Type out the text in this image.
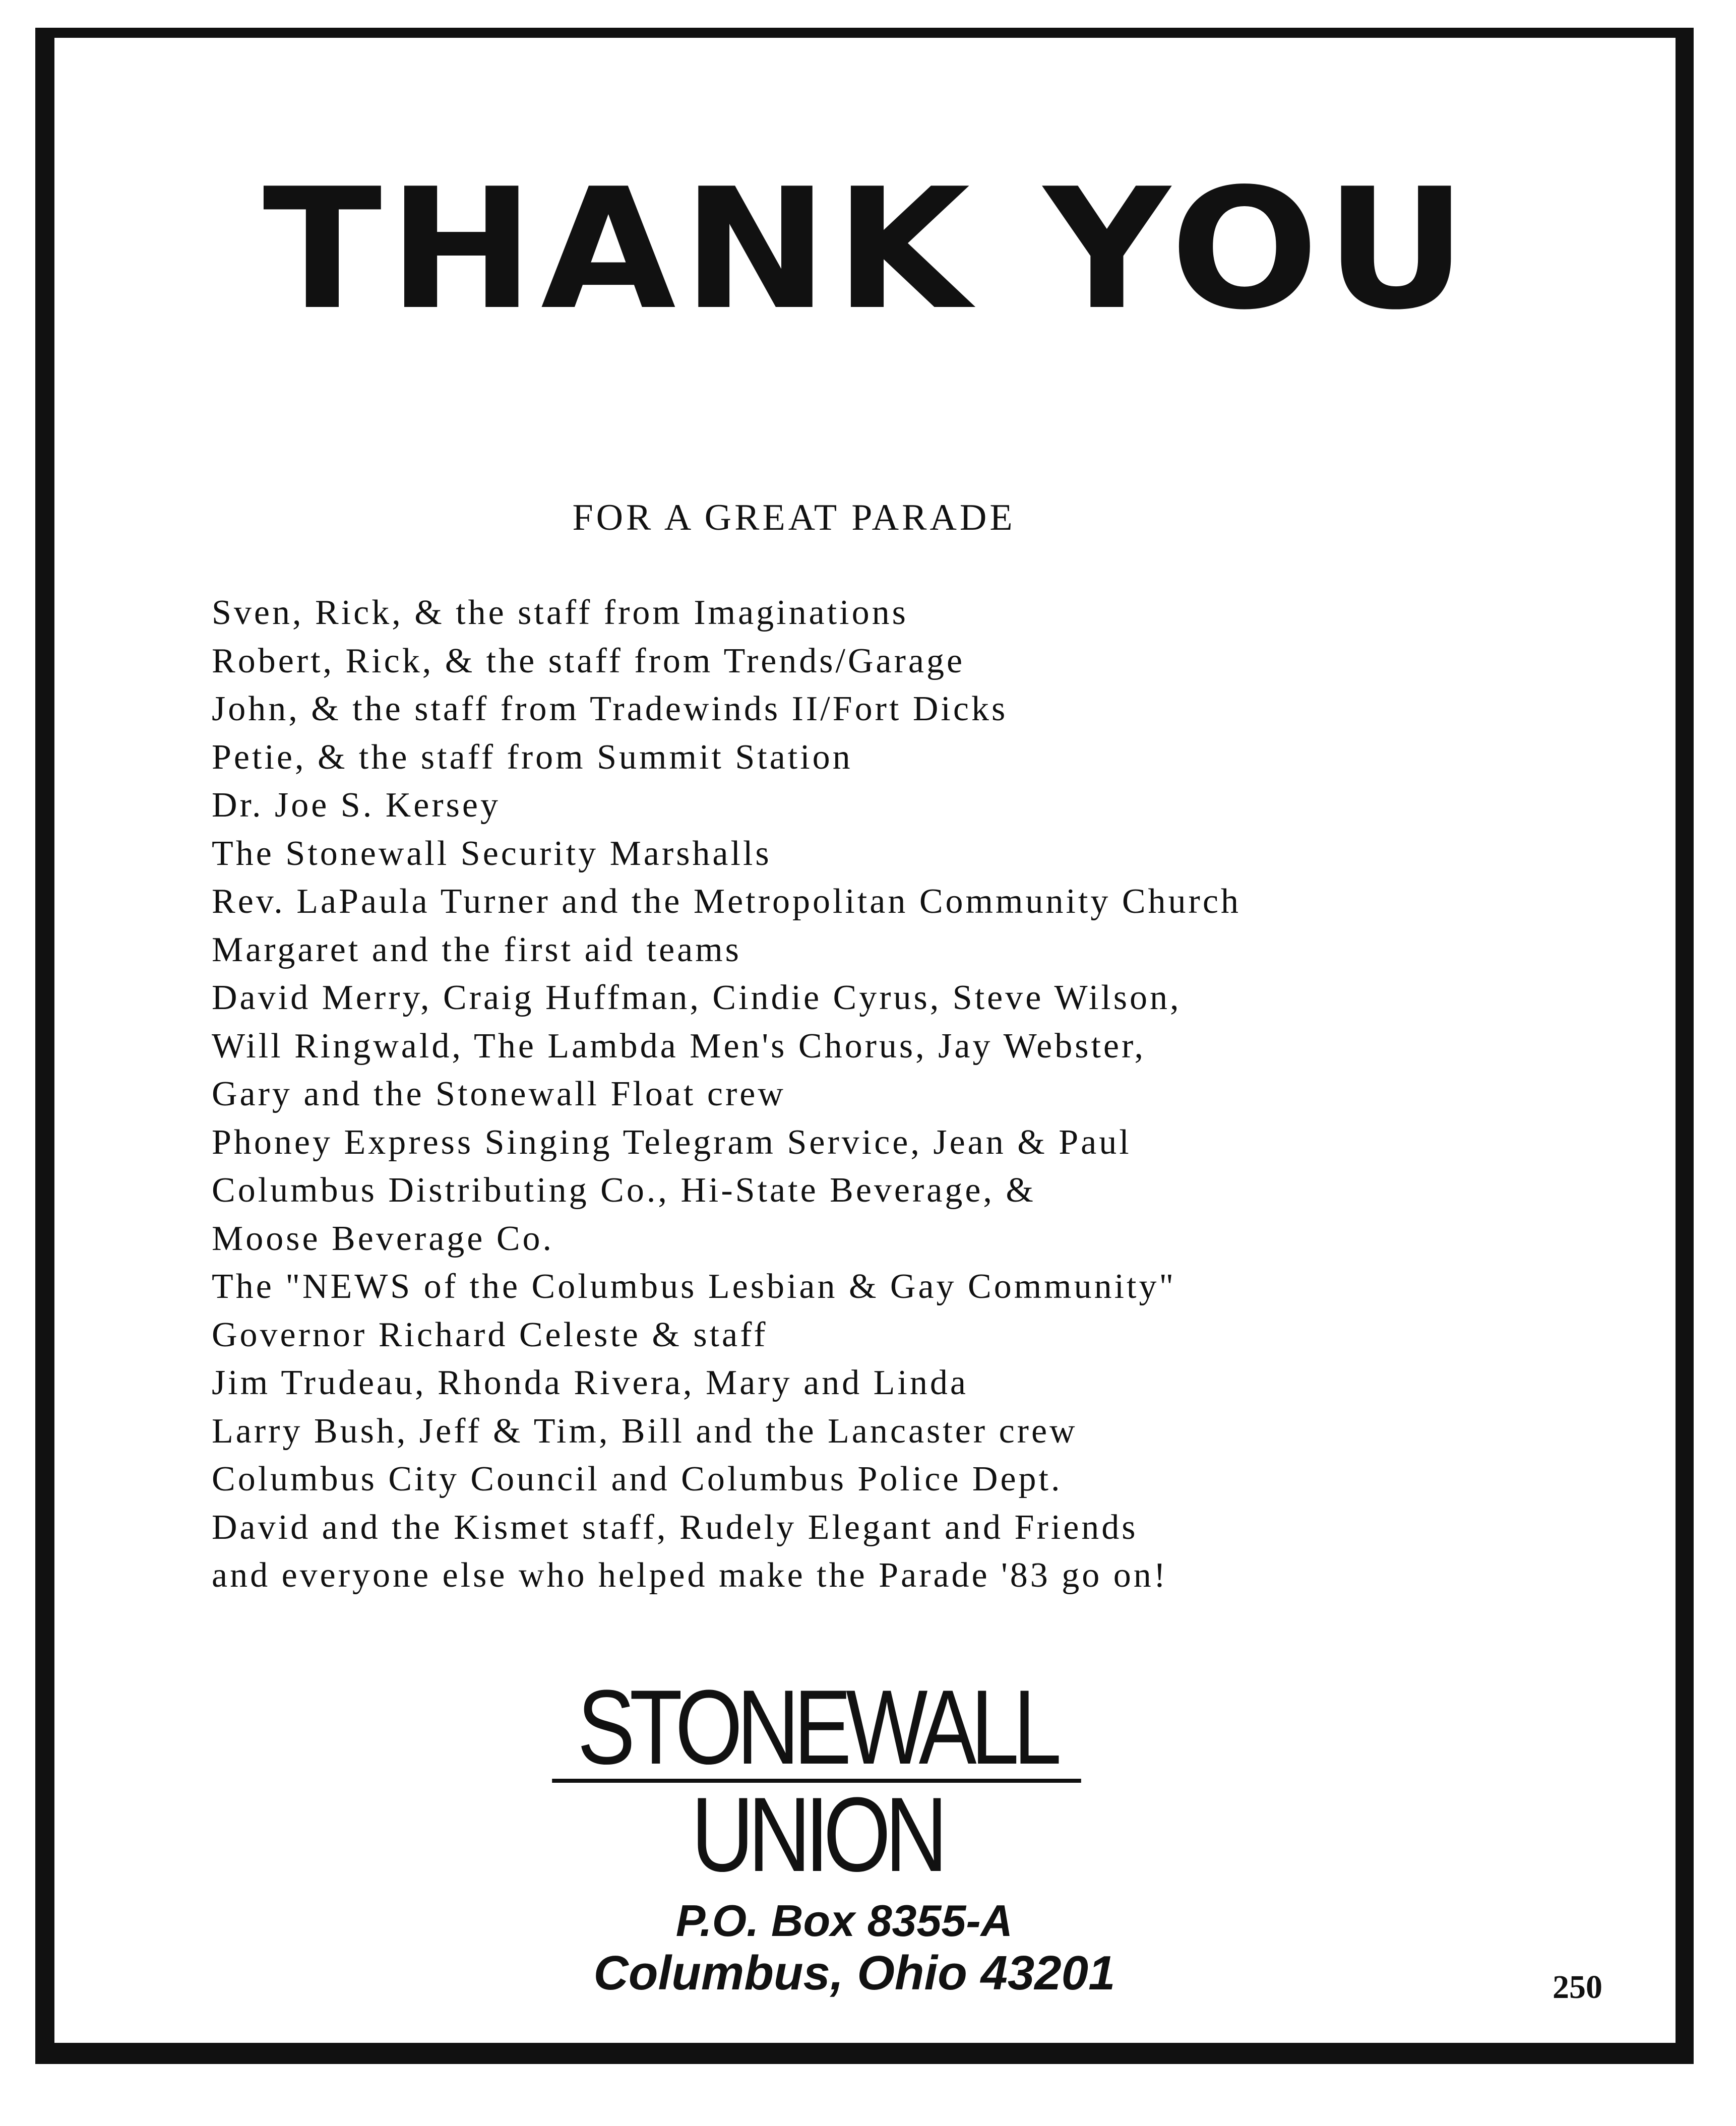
THANK YOU
FOR A GREAT PARADE
Sven, Rick, & the staff from Imaginations
Robert, Rick, & the staff from Trends/Garage
John, & the staff from Tradewinds II/Fort Dicks
Petie, & the staff from Summit Station
Dr. Joe S. Kersey
The Stonewall Security Marshalls
Rev. LaPaula Turner and the Metropolitan Community Church
Margaret and the first aid teams
David Merry, Craig Huffman, Cindie Cyrus, Steve Wilson,
Will Ringwald, The Lambda Men's Chorus, Jay Webster,
Gary and the Stonewall Float crew
Phoney Express Singing Telegram Service, Jean & Paul
Columbus Distributing Co., Hi-State Beverage, &
Moose Beverage Co.
The "NEWS of the Columbus Lesbian & Gay Community"
Governor Richard Celeste & staff
Jim Trudeau, Rhonda Rivera, Mary and Linda
Larry Bush, Jeff & Tim, Bill and the Lancaster crew
Columbus City Council and Columbus Police Dept.
David and the Kismet staff, Rudely Elegant and Friends
and everyone else who helped make the Parade '83 go on!
STONEWALL
UNION
P.O. Box 8355-A
Columbus, Ohio 43201	250
